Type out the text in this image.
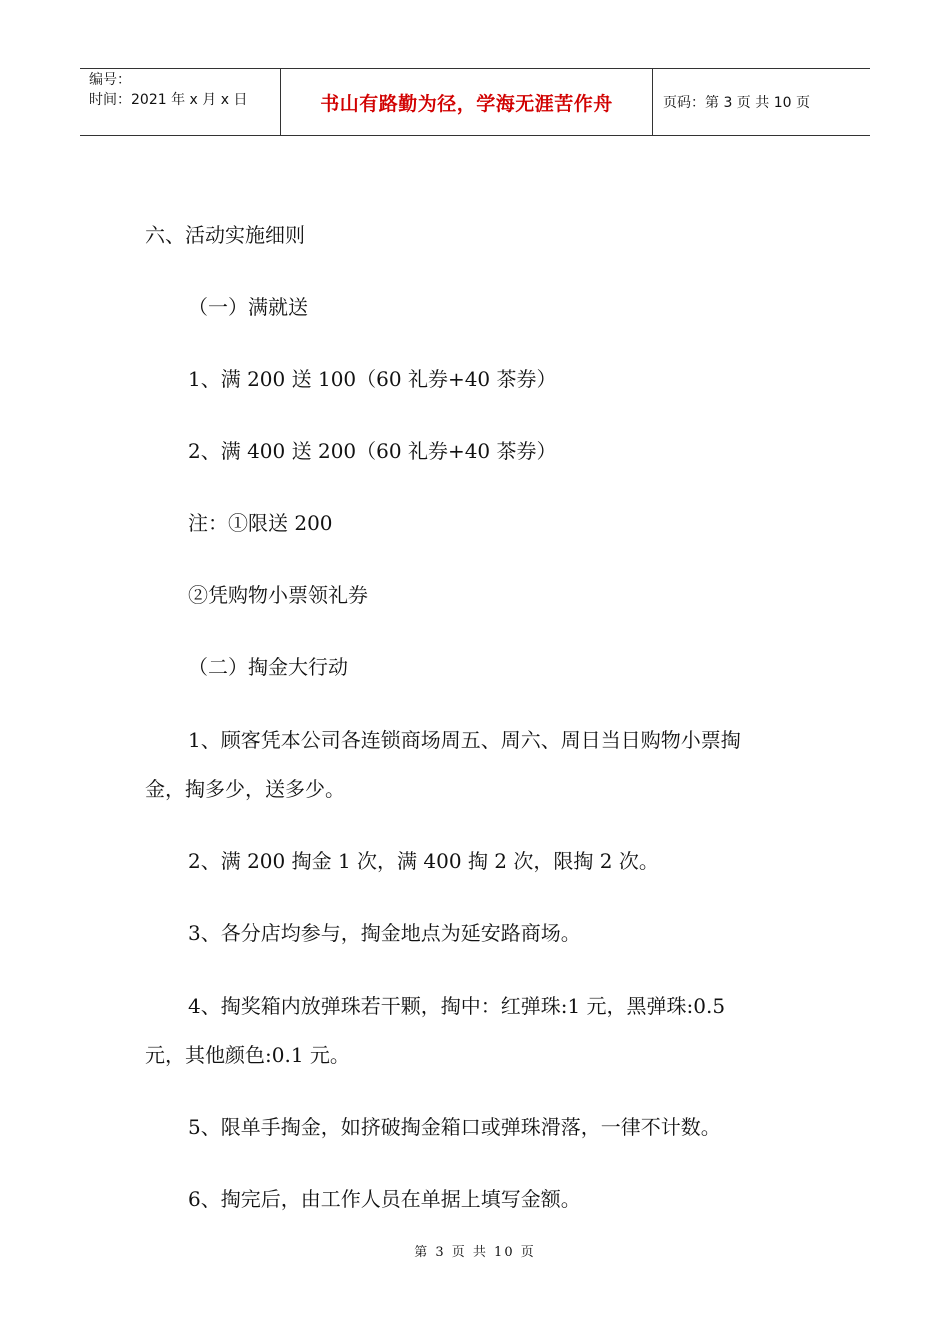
编号：
时间：2021 年 x 月 x 日	书山有路勤为径，学海无涯苦作舟	页码：第 3 页 共 10 页
六、活动实施细则
（一）满就送
1、满 200 送 100（60 礼券+40 茶券）
2、满 400 送 200（60 礼券+40 茶券）
注：①限送 200
②凭购物小票领礼券
（二）掏金大行动
1、顾客凭本公司各连锁商场周五、周六、周日当日购物小票掏
金，掏多少，送多少。
2、满 200 掏金 1 次，满 400 掏 2 次，限掏 2 次。
3、各分店均参与，掏金地点为延安路商场。
4、掏奖箱内放弹珠若干颗，掏中：红弹珠:1 元，黑弹珠:0.5
元，其他颜色:0.1 元。
5、限单手掏金，如挤破掏金箱口或弹珠滑落，一律不计数。
6、掏完后，由工作人员在单据上填写金额。
第 3 页 共 10 页
